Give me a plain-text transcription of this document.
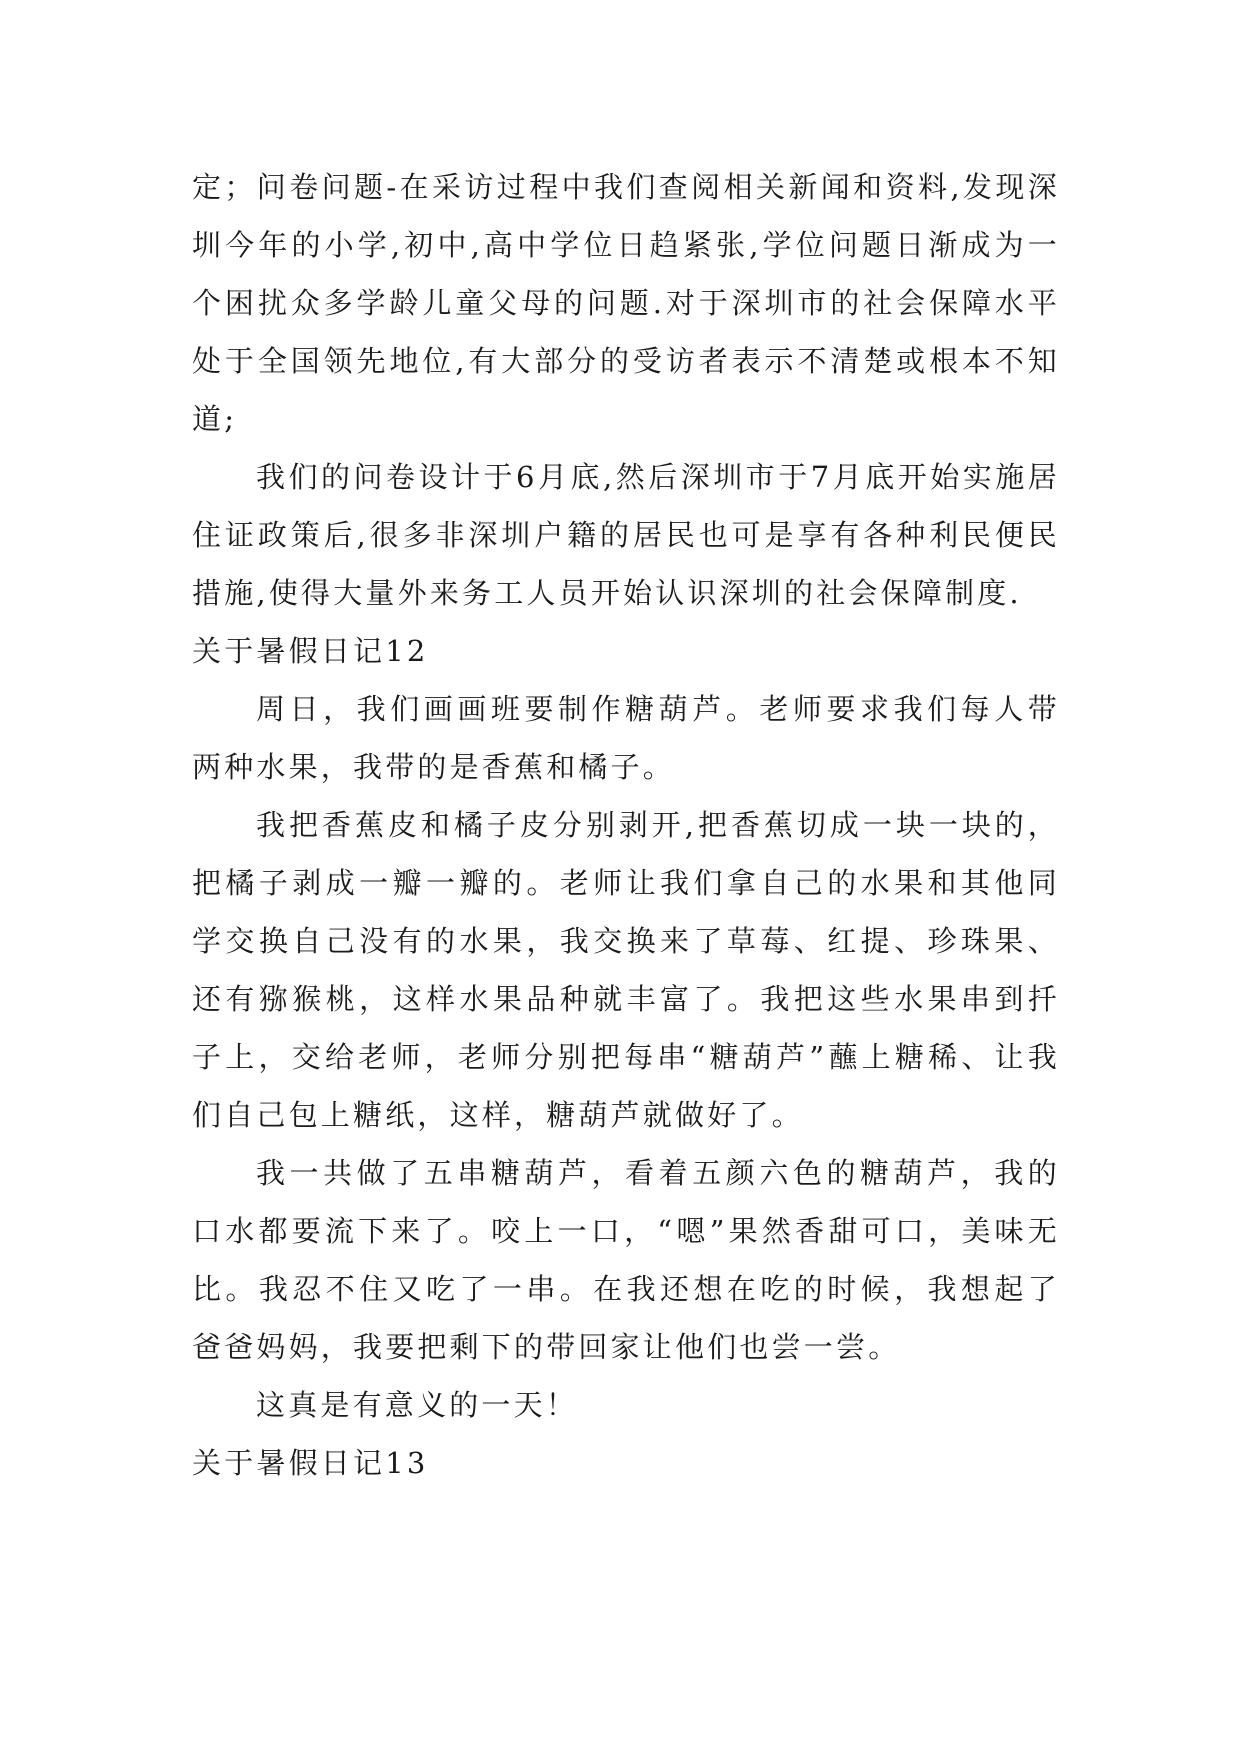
定；问卷问题-在采访过程中我们查阅相关新闻和资料,发现深圳今年的小学,初中,高中学位日趋紧张,学位问题日渐成为一个困扰众多学龄儿童父母的问题.对于深圳市的社会保障水平处于全国领先地位,有大部分的受访者表示不清楚或根本不知道;

我们的问卷设计于6月底,然后深圳市于7月底开始实施居住证政策后,很多非深圳户籍的居民也可是享有各种利民便民措施,使得大量外来务工人员开始认识深圳的社会保障制度.

关于暑假日记12

周日，我们画画班要制作糖葫芦。老师要求我们每人带两种水果，我带的是香蕉和橘子。

我把香蕉皮和橘子皮分别剥开,把香蕉切成一块一块的，把橘子剥成一瓣一瓣的。老师让我们拿自己的水果和其他同学交换自己没有的水果，我交换来了草莓、红提、珍珠果、还有猕猴桃，这样水果品种就丰富了。我把这些水果串到扦子上，交给老师，老师分别把每串“糖葫芦”蘸上糖稀、让我们自己包上糖纸，这样，糖葫芦就做好了。

我一共做了五串糖葫芦，看着五颜六色的糖葫芦，我的口水都要流下来了。咬上一口，“嗯”果然香甜可口，美味无比。我忍不住又吃了一串。在我还想在吃的时候，我想起了爸爸妈妈，我要把剩下的带回家让他们也尝一尝。

这真是有意义的一天！

关于暑假日记13
